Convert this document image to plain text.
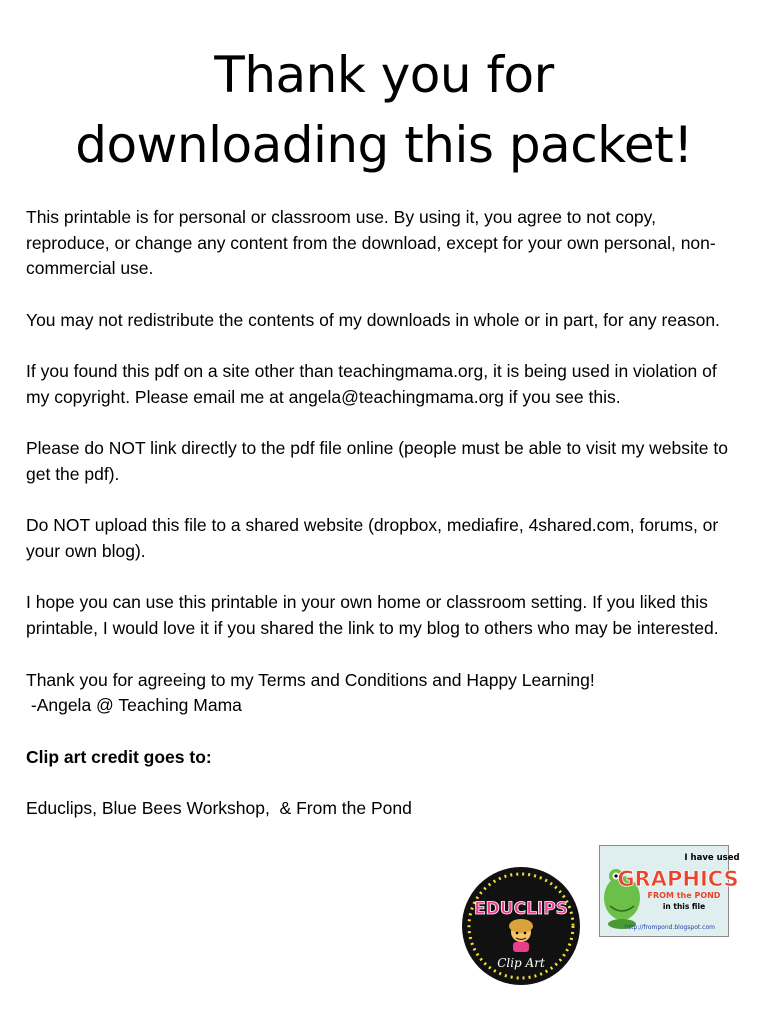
Thank you for
downloading this packet!

This printable is for personal or classroom use. By using it, you agree to not copy, reproduce, or change any content from the download, except for your own personal, non-commercial use.

You may not redistribute the contents of my downloads in whole or in part, for any reason.

If you found this pdf on a site other than teachingmama.org, it is being used in violation of my copyright. Please email me at angela@teachingmama.org if you see this.

Please do NOT link directly to the pdf file online (people must be able to visit my website to get the pdf).

Do NOT upload this file to a shared website (dropbox, mediafire, 4shared.com, forums, or your own blog).

I hope you can use this printable in your own home or classroom setting. If you liked this printable, I would love it if you shared the link to my blog to others who may be interested.

Thank you for agreeing to my Terms and Conditions and Happy Learning!
-Angela @ Teaching Mama

Clip art credit goes to:

Educlips, Blue Bees Workshop,  & From the Pond

EDUCLIPS
Clip Art
I have used
GRAPHICS
FROM the POND
in this file
http://frompond.blogspot.com
